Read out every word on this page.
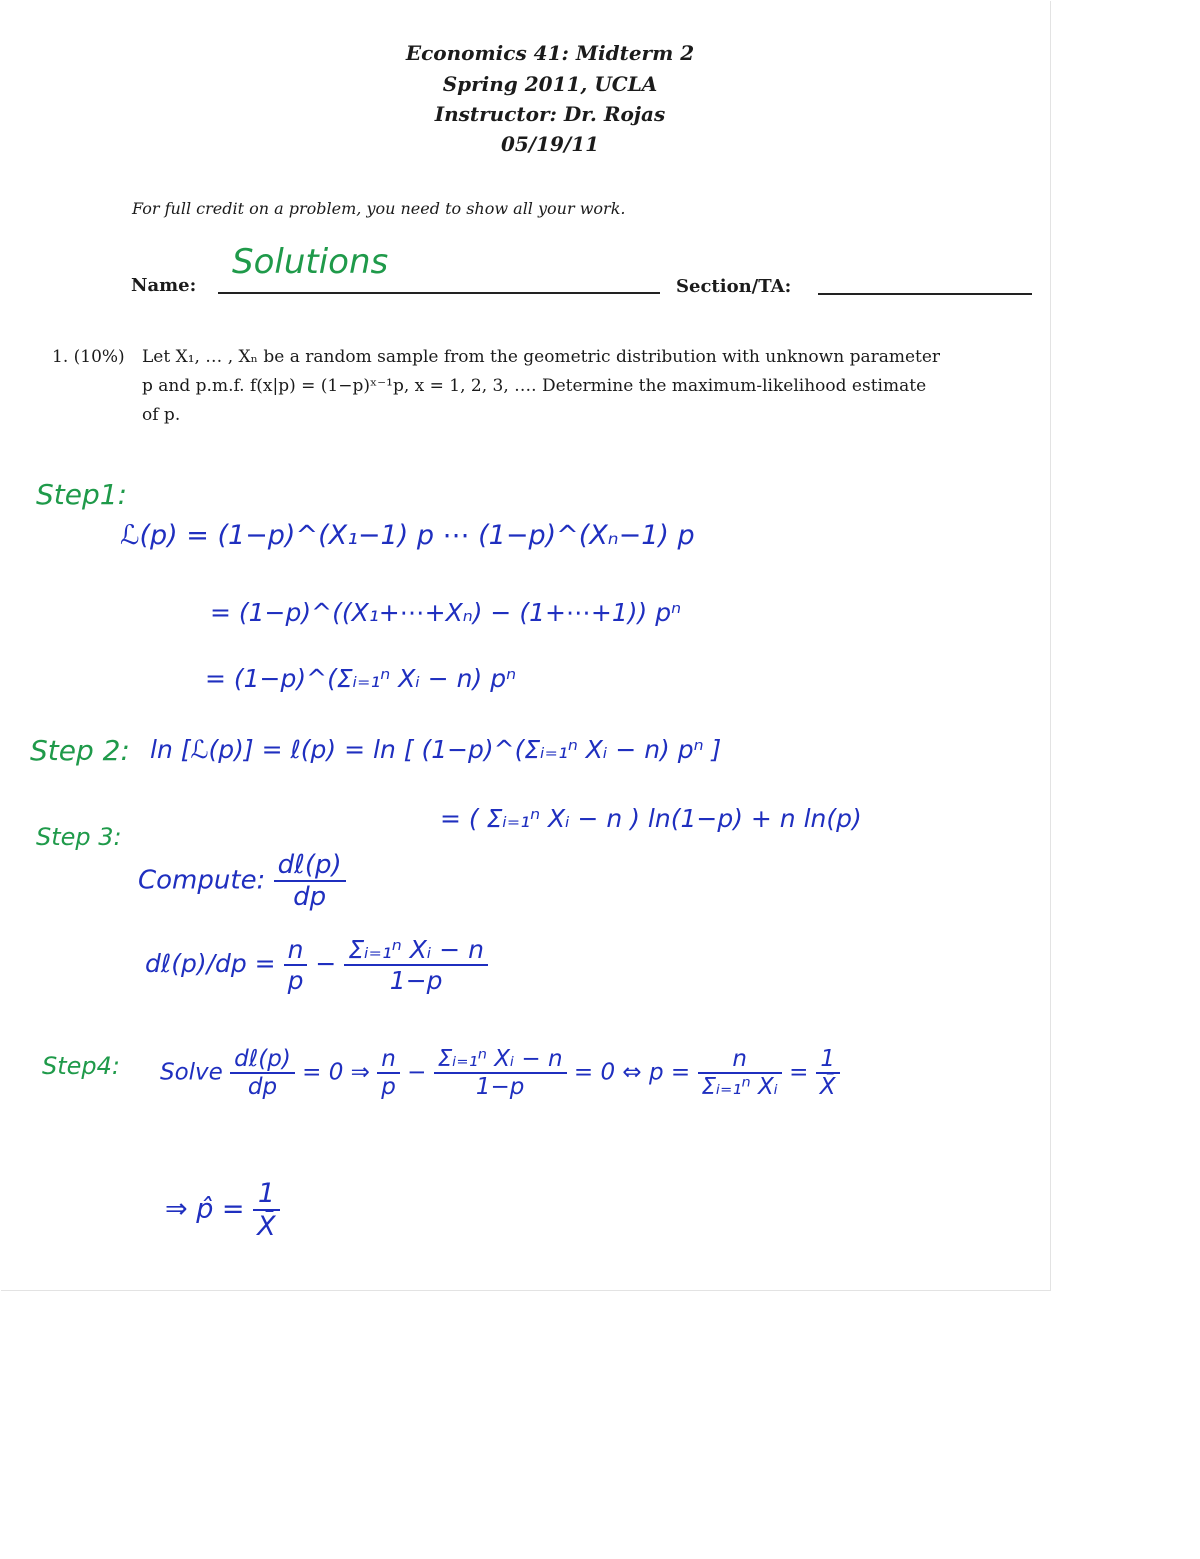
Economics 41: Midterm 2
Spring 2011, UCLA
Instructor: Dr. Rojas
05/19/11
For full credit on a problem, you need to show all your work.
Name:
Solutions
Section/TA:
1. (10%) Let X₁, … , Xₙ be a random sample from the geometric distribution with unknown parameter
p and p.m.f. f(x|p) = (1−p)ˣ⁻¹p, x = 1, 2, 3, …. Determine the maximum-likelihood estimate
of p.
Step1:
ℒ(p) = (1−p)^(X₁−1) p ⋯ (1−p)^(Xₙ−1) p
= (1−p)^((X₁+⋯+Xₙ) − (1+⋯+1)) pⁿ
= (1−p)^(Σᵢ₌₁ⁿ Xᵢ − n) pⁿ
Step 2: ln [ℒ(p)] = ℓ(p) = ln [ (1−p)^(Σᵢ₌₁ⁿ Xᵢ − n) pⁿ ]
= ( Σᵢ₌₁ⁿ Xᵢ − n ) ln(1−p) + n ln(p)
Step 3:
Compute: $\frac{\text{dℓ(p)}}{dp}$
dℓ(p)/dp = $\frac{n}{p} - \frac{\text{Σᵢ₌₁ⁿ Xᵢ − n}}{1-p}$
Step4: Solve $\frac{\text{dℓ(p)}}{dp} = 0$ ⇒ $\frac{n}{p} - \frac{\text{Σᵢ₌₁ⁿ Xᵢ − n}}{1-p} = 0$ ⇔ $p = \frac{n}{\text{Σᵢ₌₁ⁿ Xᵢ}} = \frac{1}{X̄}$
⇒ p̂ = $\frac{1}{X̄}$
